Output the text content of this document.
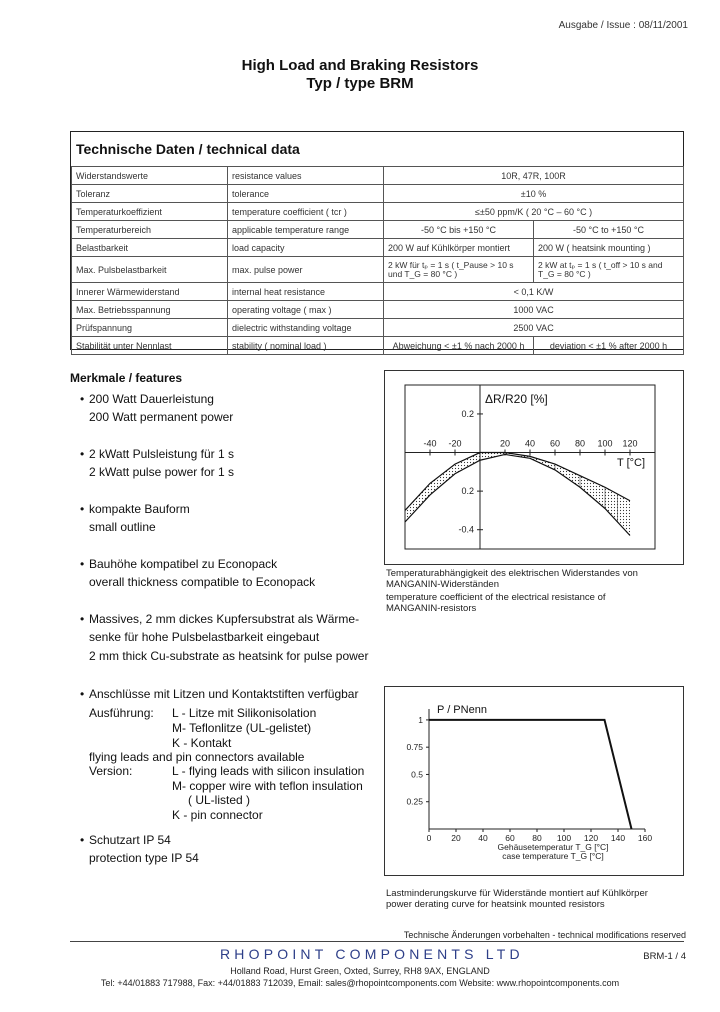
Ausgabe / Issue : 08/11/2001
High Load and Braking Resistors
Typ / type BRM
Technische Daten / technical data
Widerstandswerte	resistance values	10R, 47R, 100R	
Toleranz	tolerance	±10 %	
Temperaturkoeffizient	temperature coefficient ( tcr )	≤±50 ppm/K ( 20 °C – 60 °C )	
Temperaturbereich	applicable temperature range	-50 °C bis +150 °C	-50 °C to +150 °C
Belastbarkeit	load capacity	200 W auf Kühlkörper montiert	200 W ( heatsink mounting )
Max. Pulsbelastbarkeit	max. pulse power	2 kW für tₚ = 1 s ( t_Pause > 10 s und T_G = 80 °C )	2 kW at tₚ = 1 s ( t_off > 10 s and T_G = 80 °C )
Innerer Wärmewiderstand	internal heat resistance	< 0,1 K/W	
Max. Betriebsspannung	operating voltage ( max )	1000 VAC	
Prüfspannung	dielectric withstanding voltage	2500 VAC	
Stabilität unter Nennlast	stability ( nominal load )	Abweichung < ±1 % nach 2000 h	deviation < ±1 % after 2000 h
Merkmale / features
• 200 Watt Dauerleistung
200 Watt permanent power
• 2 kWatt Pulsleistung für 1 s
2 kWatt pulse power for 1 s
• kompakte Bauform
small outline
• Bauhöhe kompatibel zu Econopack
overall thickness compatible to Econopack
• Massives, 2 mm dickes Kupfersubstrat als Wärme-
senke für hohe Pulsbelastbarkeit eingebaut
2 mm thick Cu-substrate as heatsink for pulse power
• Anschlüsse mit Litzen und Kontaktstiften verfügbar
Ausführung: L - Litze mit Silikonisolation
M- Teflonlitze (UL-gelistet)
K - Kontakt
flying leads and pin connectors available
Version:	L - flying leads with silicon insulation
M- copper wire with teflon insulation
( UL-listed )
K - pin connector
• Schutzart IP 54
protection type IP 54
ΔR/R20 [%]
T [°C]
-40 -20	20 40 60 80 100 120
0.2
0.2
-0.4
Temperaturabhängigkeit des elektrischen Widerstandes von
MANGANIN-Widerständen
temperature coefficient of the electrical resistance of
MANGANIN-resistors
P / PNenn
Gehäusetemperatur T_G [°C]
case temperature T_G [°C]
0 20 40 60 80 100 120 140 160
1
0.75
0.5
0.25
Lastminderungskurve für Widerstände montiert auf Kühlkörper
power derating curve for heatsink mounted resistors
Technische Änderungen vorbehalten - technical modifications reserved
RHOPOINT COMPONENTS LTD	BRM-1 / 4
Holland Road, Hurst Green, Oxted, Surrey, RH8 9AX, ENGLAND
Tel: +44/01883 717988, Fax: +44/01883 712039, Email: sales@rhopointcomponents.com Website: www.rhopointcomponents.com
